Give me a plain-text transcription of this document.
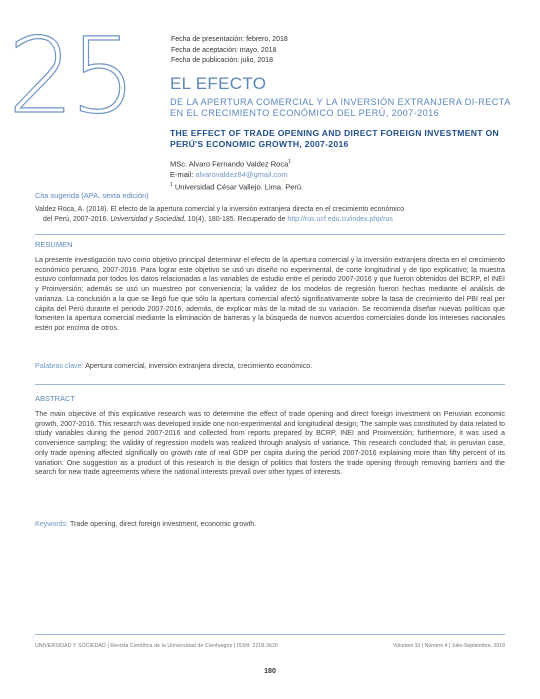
25	Fecha de presentación: febrero, 2018
Fecha de aceptación: mayo, 2018
Fecha de publicación: julio, 2018
EL EFECTO
DE LA APERTURA COMERCIAL Y LA INVERSIÓN EXTRANJERA DI-RECTA EN EL CRECIMIENTO ECONÓMICO DEL PERÚ, 2007-2016
THE EFFECT OF TRADE OPENING AND DIRECT FOREIGN INVESTMENT ON PERÚ'S ECONOMIC GROWTH, 2007-2016
MSc. Alvaro Fernando Valdez Roca$^1$
E-mail: alvarovaldez84@gmail.com
$^1$ Universidad César Vallejo. Lima. Perú.
Cita sugerida (APA, sexta edición)
Valdez Roca, A. (2018). El efecto de la apertura comercial y la inversión extranjera directa en el crecimiento económico
del Perú, 2007-2016. Universidad y Sociedad, 10(4), 180-185. Recuperado de http://rus.ucf.edu.cu/index.php/rus
RESUMEN
La presente investigación tuvo como objetivo principal determinar el efecto de la apertura comercial y la inversión extranjera directa en el crecimiento económico peruano, 2007-2016. Para lograr este objetivo se usó un diseño no experimental, de corte longitudinal y de tipo explicativo; la muestra estuvo conformada por todos los datos relacionadas a las variables de estudio entre el periodo 2007-2016 y que fueron obtenidos del BCRP, el INEI y Proinversión; además se usó un muestreo por conveniencia; la validez de los modelos de regresión fueron hechas mediante el análisis de varianza. La conclusión a la que se llegó fue que sólo la apertura comercial afectó significativamente sobre la tasa de crecimiento del PBI real per cápita del Perú durante el periodo 2007-2016, además, de explicar más de la mitad de su variación. Se recomienda diseñar nuevas políticas que fomenten la apertura comercial mediante la eliminación de barreras y la búsqueda de nuevos acuerdos comerciales donde los intereses nacionales estén por encima de otros.
Palabras clave: Apertura comercial, inversión extranjera directa, crecimiento económico.
ABSTRACT
The main objective of this explicative research was to determine the effect of trade opening and direct foreign investment on Peruvian economic growth, 2007-2016. This research was developed inside one non-experimental and longitudinal design; The sample was constituted by data related to study variables during the period 2007-2016 and collected from reports prepared by BCRP, INEI and Proinversión; furthermore, it was used a convenience sampling; the validity of regression models was realized through analysis of variance. This research concluded that, in peruvian case, only trade opening affected significally on growth rate of real GDP per capita during the period 2007-2016 explaining more than fifty percent of its variation. One suggestion as a product of this research is the design of politics that fosters the trade opening through removing barriers and the search for new trade agreements where the national interests prevail over other types of interests.
Keywords: Trade opening, direct foreign investment, economic growth.
UNIVERSIDAD Y SOCIEDAD | Revista Científica de la Universidad de Cienfuegos | ISSN: 2218-3620	Volumen 10 | Número 4 | Julio-Septiembre, 2018
180
